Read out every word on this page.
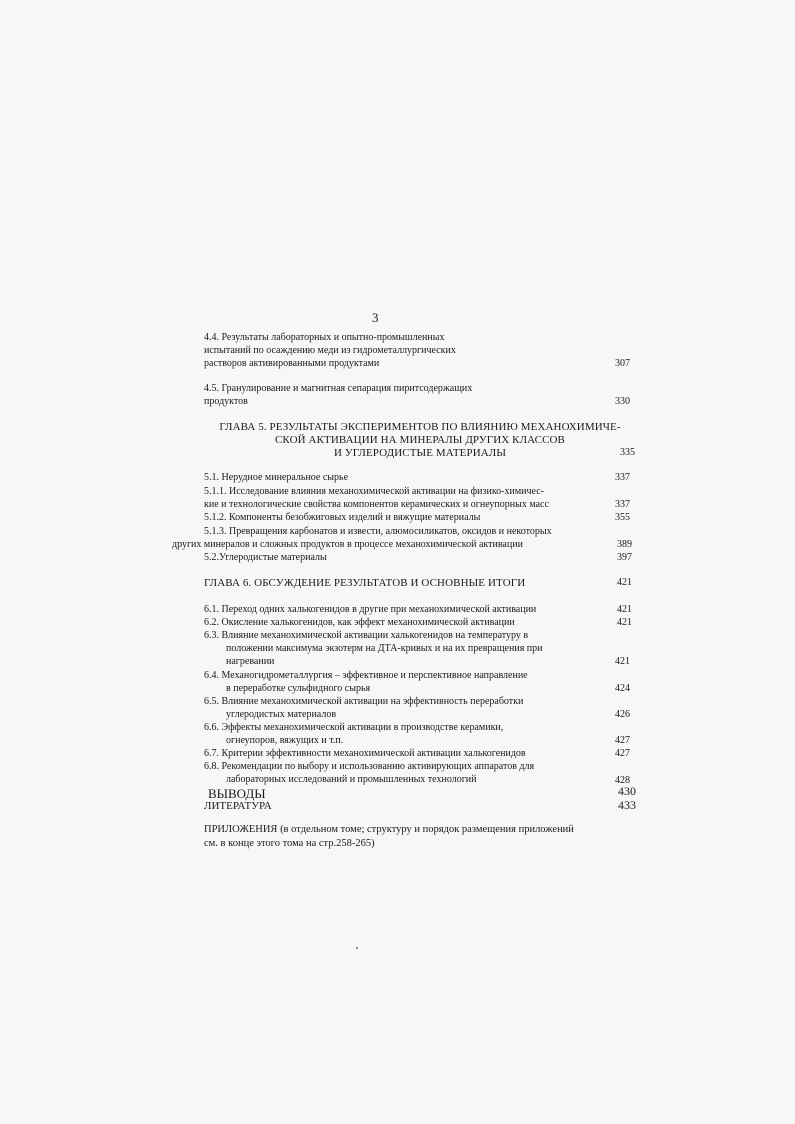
3
4.4. Результаты лабораторных и опытно-промышленных
испытаний по осаждению меди из гидрометаллургических
растворов активированными продуктами	307
4.5. Гранулирование и магнитная сепарация пиритсодержащих
продуктов	330
ГЛАВА 5. РЕЗУЛЬТАТЫ ЭКСПЕРИМЕНТОВ ПО ВЛИЯНИЮ МЕХАНОХИМИЧЕ-
СКОЙ АКТИВАЦИИ НА МИНЕРАЛЫ ДРУГИХ КЛАССОВ
И УГЛЕРОДИСТЫЕ МАТЕРИАЛЫ	335
5.1. Нерудное минеральное сырье	337
5.1.1. Исследование влияния механохимической активации на физико-химичес-
кие и технологические свойства компонентов керамических и огнеупорных масс	337
5.1.2. Компоненты безобжиговых изделий и вяжущие материалы	355
5.1.3. Превращения карбонатов и извести, алюмосиликатов, оксидов и некоторых
других минералов и сложных продуктов в процессе механохимической активации	389
5.2.Углеродистые материалы	397
ГЛАВА 6. ОБСУЖДЕНИЕ РЕЗУЛЬТАТОВ И ОСНОВНЫЕ ИТОГИ	421
6.1. Переход одних халькогенидов в другие при механохимической активации	421
6.2. Окисление халькогенидов, как эффект механохимической активации	421
6.3. Влияние механохимической активации халькогенидов на температуру в
положении максимума экзотерм на ДТА-кривых и на их превращения при
нагревании	421
6.4. Механогидрометаллургия – эффективное и перспективное направление
в переработке сульфидного сырья	424
6.5. Влияние механохимической активации на эффективность переработки
углеродистых материалов	426
6.6. Эффекты механохимической активации в производстве керамики,
огнеупоров, вяжущих и т.п.	427
6.7. Критерии эффективности механохимической активации халькогенидов	427
6.8. Рекомендации по выбору и использованию активирующих аппаратов для
лабораторных исследований и промышленных технологий	428
ВЫВОДЫ	430
ЛИТЕРАТУРА	433
ПРИЛОЖЕНИЯ (в отдельном томе; структуру и порядок размещения приложений
см. в конце этого тома на стр.258-265)
